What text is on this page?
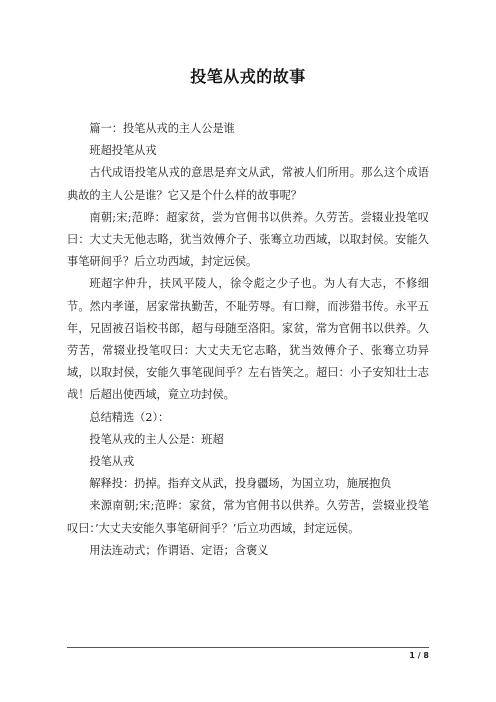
投笔从戎的故事

篇一：投笔从戎的主人公是谁

班超投笔从戎

古代成语投笔从戎的意思是弃文从武，常被人们所用。那么这个成语典故的主人公是谁？它又是个什么样的故事呢？

南朝;宋;范晔：超家贫，尝为官佣书以供养。久劳苦。尝辍业投笔叹曰：大丈夫无他志略，犹当效傅介子、张骞立功西域，以取封侯。安能久事笔研间乎？后立功西域，封定远侯。

班超字仲升，扶风平陵人，徐令彪之少子也。为人有大志，不修细节。然内孝谨，居家常执勤苦，不耻劳辱。有口辩，而涉猎书传。永平五年，兄固被召诣校书郎，超与母随至洛阳。家贫，常为官佣书以供养。久劳苦，常辍业投笔叹曰：大丈夫无它志略，犹当效傅介子、张骞立功异域，以取封侯，安能久事笔砚间乎？左右皆笑之。超曰：小子安知壮士志哉！后超出使西域，竟立功封侯。

总结精选（2）：

投笔从戎的主人公是：班超

投笔从戎

解释投：扔掉。指弃文从武，投身疆场，为国立功，施展抱负

来源南朝;宋;范晔：家贫，常为官佣书以供养。久劳苦，尝辍业投笔叹曰：’大丈夫安能久事笔研间乎？’后立功西域，封定远侯。

用法连动式；作谓语、定语；含褒义

1 / 8
